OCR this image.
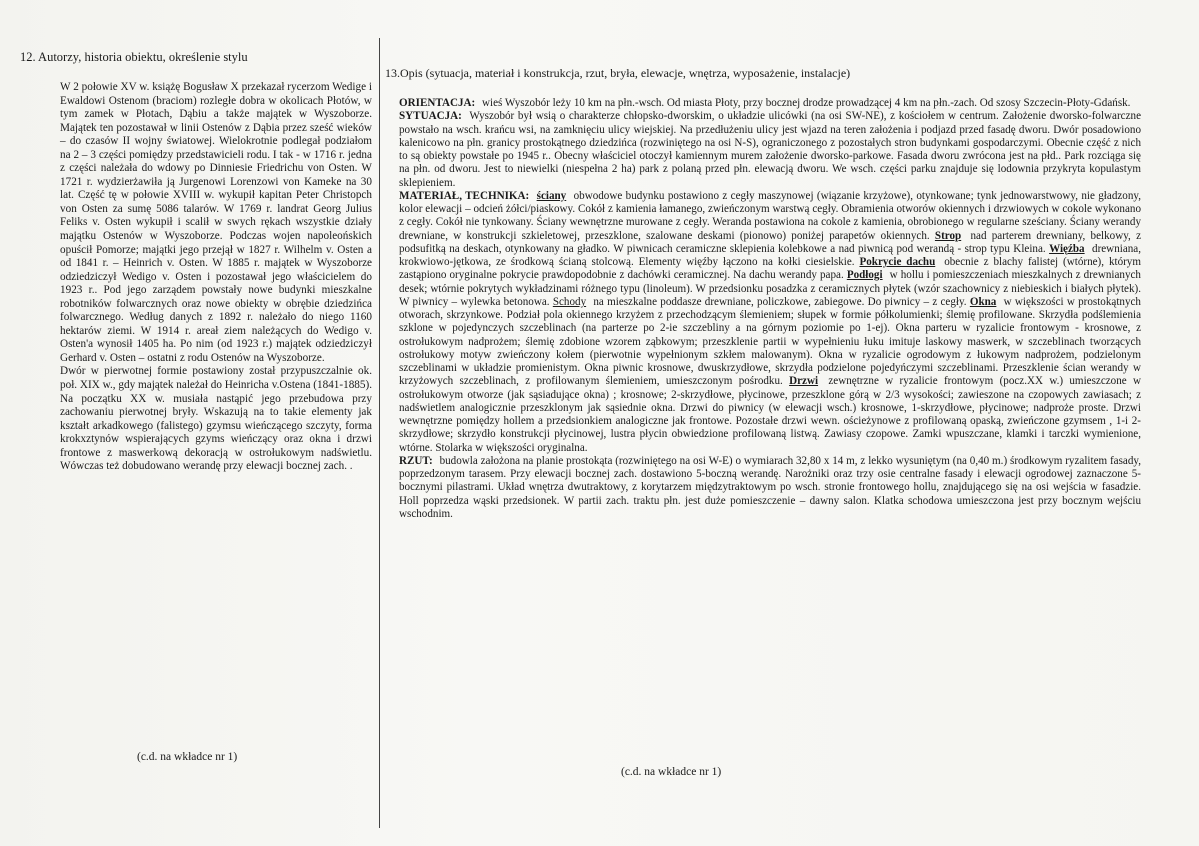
12. Autorzy, historia obiektu, określenie stylu

W 2 połowie XV w. książę Bogusław X przekazał rycerzom Wedige i Ewaldowi Ostenom (braciom) rozległe dobra w okolicach Płotów, w tym zamek w Płotach, Dąbiu a także majątek w Wyszoborze. Majątek ten pozostawał w linii Ostenów z Dąbia przez sześć wieków – do czasów II wojny światowej. Wielokrotnie podlegał podziałom na 2 – 3 części pomiędzy przedstawicieli rodu. I tak - w 1716 r. jedna z części należała do wdowy po Dinniesie Friedrichu von Osten. W 1721 r. wydzierżawiła ją Jurgenowi Lorenzowi von Kameke na 30 lat. Część tę w połowie XVIII w. wykupił kapitan Peter Christopch von Osten za sumę 5086 talarów. W 1769 r. landrat Georg Julius Feliks v. Osten wykupił i scalił w swych rękach wszystkie działy majątku Ostenów w Wyszoborze. Podczas wojen napoleońskich opuścił Pomorze; majątki jego przejął w 1827 r. Wilhelm v. Osten a od 1841 r. – Heinrich v. Osten. W 1885 r. majątek w Wyszoborze odziedziczył Wedigo v. Osten i pozostawał jego właścicielem do 1923 r.. Pod jego zarządem powstały nowe budynki mieszkalne robotników folwarcznych oraz nowe obiekty w obrębie dziedzińca folwarcznego. Według danych z 1892 r. należało do niego 1160 hektarów ziemi. W 1914 r. areał ziem należących do Wedigo v. Osten'a wynosił 1405 ha. Po nim (od 1923 r.) majątek odziedziczył Gerhard v. Osten – ostatni z rodu Ostenów na Wyszoborze.

Dwór w pierwotnej formie postawiony został przypuszczalnie ok. poł. XIX w., gdy majątek należał do Heinricha v.Ostena (1841-1885). Na początku XX w. musiała nastąpić jego przebudowa przy zachowaniu pierwotnej bryły. Wskazują na to takie elementy jak kształt arkadkowego (falistego) gzymsu wieńczącego szczyty, forma krokxztynów wspierających gzyms wieńczący oraz okna i drzwi frontowe z maswerkową dekoracją w ostrołukowym nadświetlu. Wówczas też dobudowano werandę przy elewacji bocznej zach. .

(c.d. na wkładce nr 1)
13.Opis (sytuacja, materiał i konstrukcja, rzut, bryła, elewacje, wnętrza, wyposażenie, instalacje)

ORIENTACJA: wieś Wyszobór leży 10 km na płn.-wsch. Od miasta Płoty, przy bocznej drodze prowadzącej 4 km na płn.-zach. Od szosy Szczecin-Płoty-Gdańsk.

SYTUACJA: Wyszobór był wsią o charakterze chłopsko-dworskim, o układzie ulicówki (na osi SW-NE), z kościołem w centrum. Założenie dworsko-folwarczne powstało na wsch. krańcu wsi, na zamknięciu ulicy wiejskiej. Na przedłużeniu ulicy jest wjazd na teren założenia i podjazd przed fasadę dworu. Dwór posadowiono kalenicowo na płn. granicy prostokątnego dziedzińca (rozwiniętego na osi N-S), ograniczonego z pozostałych stron budynkami gospodarczymi. Obecnie część z nich to są obiekty powstałe po 1945 r.. Obecny właściciel otoczył kamiennym murem założenie dworsko-parkowe. Fasada dworu zwrócona jest na płd.. Park rozciąga się na płn. od dworu. Jest to niewielki (niespełna 2 ha) park z polaną przed płn. elewacją dworu. We wsch. części parku znajduje się lodownia przykryta kopulastym sklepieniem.

MATERIAŁ, TECHNIKA: ściany obwodowe budynku postawiono z cegły maszynowej (wiązanie krzyżowe), otynkowane; tynk jednowarstwowy, nie gładzony, kolor elewacji – odcień żółci/piaskowy. Cokół z kamienia łamanego, zwieńczonym warstwą cegły. Obramienia otworów okiennych i drzwiowych w cokole wykonano z cegły. Cokół nie tynkowany. Ściany wewnętrzne murowane z cegły. Weranda postawiona na cokole z kamienia, obrobionego w regularne sześciany. Ściany werandy drewniane, w konstrukcji szkieletowej, przeszklone, szalowane deskami (pionowo) poniżej parapetów okiennych. Strop nad parterem drewniany, belkowy, z podsufitką na deskach, otynkowany na gładko. W piwnicach ceramiczne sklepienia kolebkowe a nad piwnicą pod werandą - strop typu Kleina. Więźba drewniana, krokwiowo-jętkowa, ze środkową ścianą stolcową. Elementy więźby łączono na kołki ciesielskie. Pokrycie dachu obecnie z blachy falistej (wtórne), którym zastąpiono oryginalne pokrycie prawdopodobnie z dachówki ceramicznej. Na dachu werandy papa. Podłogi w hollu i pomieszczeniach mieszkalnych z drewnianych desek; wtórnie pokrytych wykładzinami różnego typu (linoleum). W przedsionku posadzka z ceramicznych płytek (wzór szachownicy z niebieskich i białych płytek). W piwnicy – wylewka betonowa. Schody na mieszkalne poddasze drewniane, policzkowe, zabiegowe. Do piwnicy – z cegły. Okna w większości w prostokątnych otworach, skrzynkowe. Podział pola okiennego krzyżem z przechodzącym ślemieniem; słupek w formie półkolumienki; ślemię profilowane. Skrzydła podślemienia szklone w pojedynczych szczeblinach (na parterze po 2-ie szczebliny a na górnym poziomie po 1-ej). Okna parteru w ryzalicie frontowym - krosnowe, z ostrołukowym nadprożem; ślemię zdobione wzorem ząbkowym; przeszklenie partii w wypełnieniu łuku imituje laskowy maswerk, w szczeblinach tworzących ostrołukowy motyw zwieńczony kołem (pierwotnie wypełnionym szkłem malowanym). Okna w ryzalicie ogrodowym z łukowym nadprożem, podzielonym szczeblinami w układzie promienistym. Okna piwnic krosnowe, dwuskrzydłowe, skrzydła podzielone pojedyńczymi szczeblinami. Przeszklenie ścian werandy w krzyżowych szczeblinach, z profilowanym ślemieniem, umieszczonym pośrodku. Drzwi zewnętrzne w ryzalicie frontowym (pocz.XX w.) umieszczone w ostrołukowym otworze (jak sąsiadujące okna) ; krosnowe; 2-skrzydłowe, płycinowe, przeszklone górą w 2/3 wysokości; zawieszone na czopowych zawiasach; z nadświetlem analogicznie przeszklonym jak sąsiednie okna. Drzwi do piwnicy (w elewacji wsch.) krosnowe, 1-skrzydłowe, płycinowe; nadproże proste. Drzwi wewnętrzne pomiędzy hollem a przedsionkiem analogiczne jak frontowe. Pozostałe drzwi wewn. ościeżynowe z profilowaną opaską, zwieńczone gzymsem , 1-i 2-skrzydłowe; skrzydło konstrukcji płycinowej, lustra płycin obwiedzione profilowaną listwą. Zawiasy czopowe. Zamki wpuszczane, klamki i tarczki wymienione, wtórne. Stolarka w większości oryginalna.

RZUT: budowla założona na planie prostokąta (rozwiniętego na osi W-E) o wymiarach 32,80 x 14 m, z lekko wysuniętym (na 0,40 m.) środkowym ryzalitem fasady, poprzedzonym tarasem. Przy elewacji bocznej zach. dostawiono 5-boczną werandę. Narożniki oraz trzy osie centralne fasady i elewacji ogrodowej zaznaczone 5-bocznymi pilastrami. Układ wnętrza dwutraktowy, z korytarzem międzytraktowym po wsch. stronie frontowego hollu, znajdującego się na osi wejścia w fasadzie. Holl poprzedza wąski przedsionek. W partii zach. traktu płn. jest duże pomieszczenie – dawny salon. Klatka schodowa umieszczona jest przy bocznym wejściu wschodnim.

(c.d. na wkładce nr 1)
